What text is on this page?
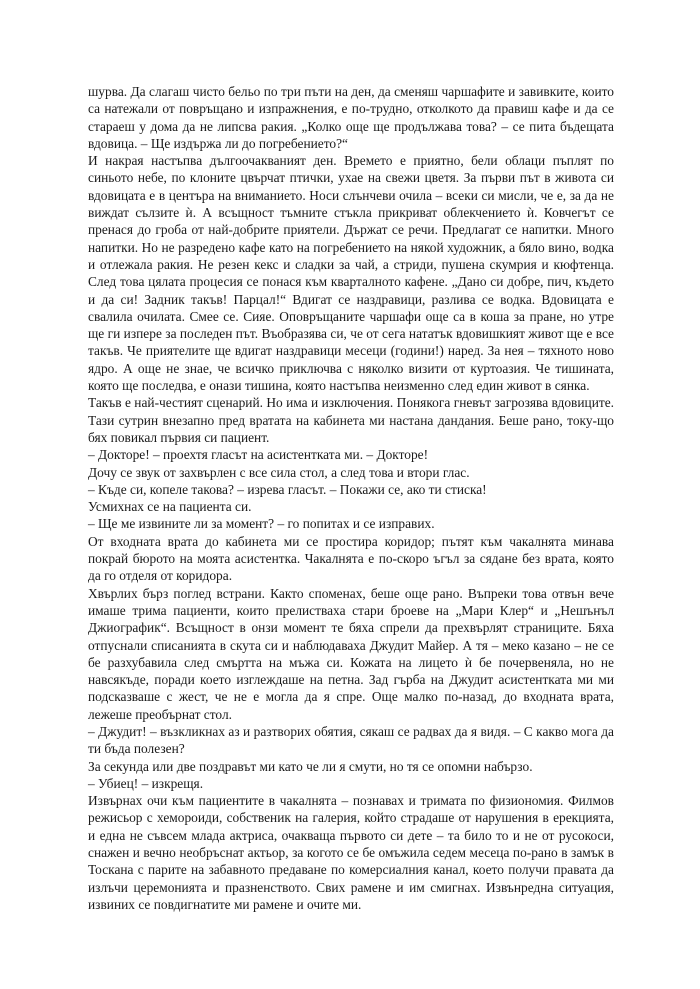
шурва. Да слагаш чисто бельо по три пъти на ден, да сменяш чаршафите и завивките, които са натежали от повръщано и изпражнения, е по-трудно, отколкото да правиш кафе и да се стараеш у дома да не липсва ракия. „Колко още ще продължава това? – се пита бъдещата вдовица. – Ще издържа ли до погребението?“

И накрая настъпва дългоочакваният ден. Времето е приятно, бели облаци пъплят по синьото небе, по клоните цвърчат птички, ухае на свежи цветя. За първи път в живота си вдовицата е в центъра на вниманието. Носи слънчеви очила – всеки си мисли, че е, за да не виждат сълзите ѝ. А всъщност тъмните стъкла прикриват облекчението ѝ. Ковчегът се пренася до гроба от най-добрите приятели. Държат се речи. Предлагат се напитки. Много напитки. Но не разредено кафе като на погребението на някой художник, а бяло вино, водка и отлежала ракия. Не резен кекс и сладки за чай, а стриди, пушена скумрия и кюфтенца. След това цялата процесия се понася към кварталното кафене. „Дано си добре, пич, където и да си! Задник такъв! Парцал!“ Вдигат се наздравици, разлива се водка. Вдовицата е свалила очилата. Смее се. Сияе. Оповръщаните чаршафи още са в коша за пране, но утре ще ги изпере за последен път. Въобразява си, че от сега нататък вдовишкият живот ще е все такъв. Че приятелите ще вдигат наздравици месеци (години!) наред. За нея – тяхното ново ядро. А още не знае, че всичко приключва с няколко визити от куртоазия. Че тишината, която ще последва, е онази тишина, която настъпва неизменно след един живот в сянка.

Такъв е най-честият сценарий. Но има и изключения. Понякога гневът загрозява вдовиците. Тази сутрин внезапно пред вратата на кабинета ми настана дандания. Беше рано, току-що бях повикал първия си пациент.

– Докторе! – проехтя гласът на асистентката ми. – Докторе!

Дочу се звук от захвърлен с все сила стол, а след това и втори глас.

– Къде си, копеле такова? – изрева гласът. – Покажи се, ако ти стиска!

Усмихнах се на пациента си.

– Ще ме извините ли за момент? – го попитах и се изправих.

От входната врата до кабинета ми се простира коридор; пътят към чакалнята минава покрай бюрото на моята асистентка. Чакалнята е по-скоро ъгъл за сядане без врата, която да го отделя от коридора.

Хвърлих бърз поглед встрани. Както споменах, беше още рано. Въпреки това отвън вече имаше трима пациенти, които прелистваха стари броеве на „Мари Клер“ и „Нешънъл Джиографик“. Всъщност в онзи момент те бяха спрели да прехвърлят страниците. Бяха отпуснали списанията в скута си и наблюдаваха Джудит Майер. А тя – меко казано – не се бе разхубавила след смъртта на мъжа си. Кожата на лицето ѝ бе почервеняла, но не навсякъде, поради което изглеждаше на петна. Зад гърба на Джудит асистентката ми ми подсказваше с жест, че не е могла да я спре. Още малко по-назад, до входната врата, лежеше преобърнат стол.

– Джудит! – възкликнах аз и разтворих обятия, сякаш се радвах да я видя. – С какво мога да ти бъда полезен?

За секунда или две поздравът ми като че ли я смути, но тя се опомни набързо.

– Убиец! – изкрещя.

Извърнах очи към пациентите в чакалнята – познавах и тримата по физиономия. Филмов режисьор с хемороиди, собственик на галерия, който страдаше от нарушения в ерекцията, и една не съвсем млада актриса, очакваща първото си дете – та било то и не от русокоси, снажен и вечно необръснат актьор, за когото се бе омъжила седем месеца по-рано в замък в Тоскана с парите на забавното предаване по комерсиалния канал, което получи правата да излъчи церемонията и празненството. Свих рамене и им смигнах. Извънредна ситуация, извиних се повдигнатите ми рамене и очите ми.
